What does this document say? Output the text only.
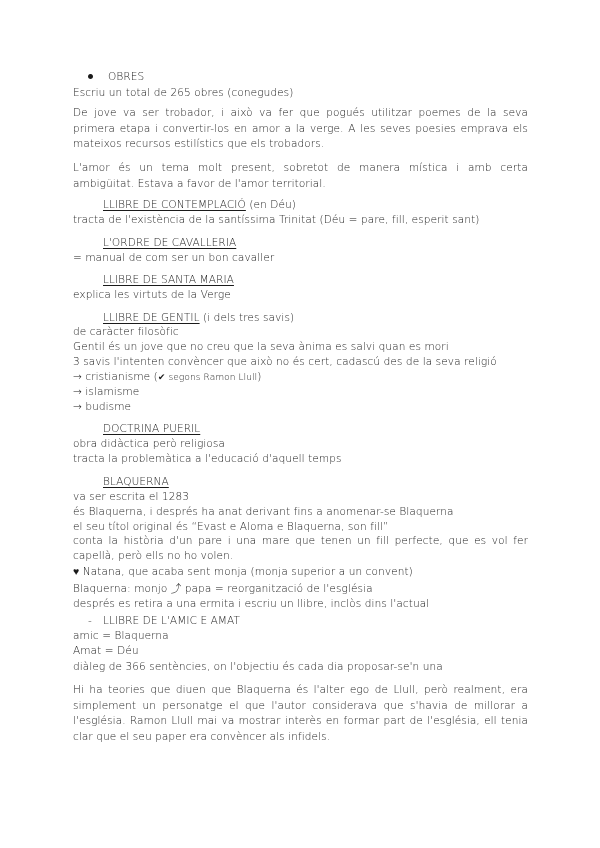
OBRES
Escriu un total de 265 obres (conegudes)
De jove va ser trobador, i això va fer que pogués utilitzar poemes de la seva primera etapa i convertir-los en amor a la verge. A les seves poesies emprava els mateixos recursos estilístics que els trobadors.
L'amor és un tema molt present, sobretot de manera mística i amb certa ambigüitat. Estava a favor de l'amor territorial.
LLIBRE DE CONTEMPLACIÓ (en Déu)
tracta de l'existència de la santíssima Trinitat (Déu = pare, fill, esperit sant)
L'ORDRE DE CAVALLERIA
= manual de com ser un bon cavaller
LLIBRE DE SANTA MARIA
explica les virtuts de la Verge
LLIBRE DE GENTIL (i dels tres savis)
de caràcter filosòfic
Gentil és un jove que no creu que la seva ànima es salvi quan es mori
3 savis l'intenten convèncer que això no és cert, cadascú des de la seva religió
→ cristianisme (✔ segons Ramon Llull)
→ islamisme
→ budisme
DOCTRINA PUERIL
obra didàctica però religiosa
tracta la problemàtica a l'educació d'aquell temps
BLAQUERNA
va ser escrita el 1283
és Blaquerna, i després ha anat derivant fins a anomenar-se Blaquerna
el seu títol original és “Evast e Aloma e Blaquerna, son fill”
conta la història d'un pare i una mare que tenen un fill perfecte, que es vol fer capellà, però ells no ho volen.
♥ Natana, que acaba sent monja (monja superior a un convent)
Blaquerna: monjo ⤴ papa = reorganització de l'església
després es retira a una ermita i escriu un llibre, inclòs dins l'actual
- LLIBRE DE L'AMIC E AMAT
amic = Blaquerna
Amat = Déu
diàleg de 366 sentències, on l'objectiu és cada dia proposar-se'n una
Hi ha teories que diuen que Blaquerna és l'alter ego de Llull, però realment, era simplement un personatge el que l'autor considerava que s'havia de millorar a l'església. Ramon Llull mai va mostrar interès en formar part de l'església, ell tenia clar que el seu paper era convèncer als infidels.
